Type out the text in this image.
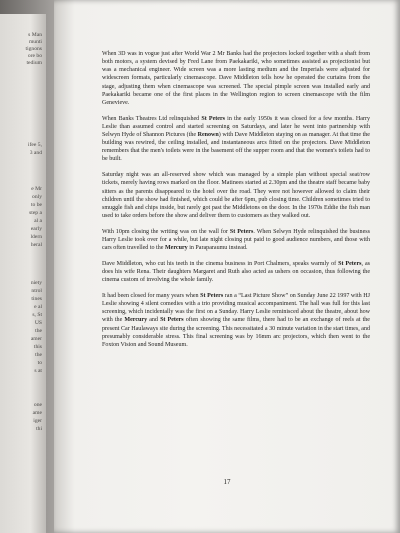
s Man
munti
tignons
ore bo
tedium
ifee 5,
3 and
e Mr
only
to be
step a
al a
early
ldern
heral
niety
ntrol
tines
e al
s, St
US
the
amer
this
the
to
s at
one
ame
iger
thi

When 3D was in vogue just after World War 2 Mr Banks had the projectors locked together with a shaft from both motors, a system devised by Fred Lane from Paekakariki, who sometimes assisted as projectionist but was a mechanical engineer. Wide screen was a more lasting medium and the Imperials were adjusted for widescreen formats, particularly cinemascope. Dave Middleton tells how he operated the curtains from the stage, adjusting them when cinemascope was screened. The special pimple screen was installed early and Paekakariki became one of the first places in the Wellington region to screen cinemascope with the film Genevieve.

When Banks Theatres Ltd relinquished St Peters in the early 1950s it was closed for a few months. Harry Leslie than assumed control and started screening on Saturdays, and later he went into partnership with Selwyn Hyde of Shannon Pictures (the Renown) with Dave Middleton staying on as manager. At that time the building was rewired, the ceiling installed, and instantaneous arcs fitted on the projectors. Dave Middleton remembers that the men's toilets were in the basement off the supper room and that the women's toilets had to be built.

Saturday night was an all-reserved show which was managed by a simple plan without special seat/row tickets, merely having rows marked on the floor. Matinees started at 2.30pm and the theatre staff became baby sitters as the parents disappeared to the hotel over the road. They were not however allowed to claim their children until the show had finished, which could be after 6pm, pub closing time. Children sometimes tried to smuggle fish and chips inside, but rarely got past the Middletons on the door. In the 1970s Eddie the fish man used to take orders before the show and deliver them to customers as they walked out.

With 10pm closing the writing was on the wall for St Peters. When Selwyn Hyde relinquished the business Harry Leslie took over for a while, but late night closing put paid to good audience numbers, and those with cars often travelled to the Mercury in Paraparaumu instead.

Dave Middleton, who cut his teeth in the cinema business in Port Chalmers, speaks warmly of St Peters, as does his wife Rena. Their daughters Margaret and Ruth also acted as ushers on occasion, thus following the cinema custom of involving the whole family.

It had been closed for many years when St Peters ran a “Last Picture Show” on Sunday June 22 1997 with HJ Leslie showing 4 silent comedies with a trio providing musical accompaniment. The hall was full for this last screening, which incidentally was the first on a Sunday. Harry Leslie reminisced about the theatre, about how with the Mercury and St Peters often showing the same films, there had to be an exchange of reels at the present Car Haulaways site during the screening. This necessitated a 30 minute variation in the start times, and presumably considerable stress. This final screening was by 16mm arc projectors, which then went to the Foxton Vision and Sound Museum.

17
